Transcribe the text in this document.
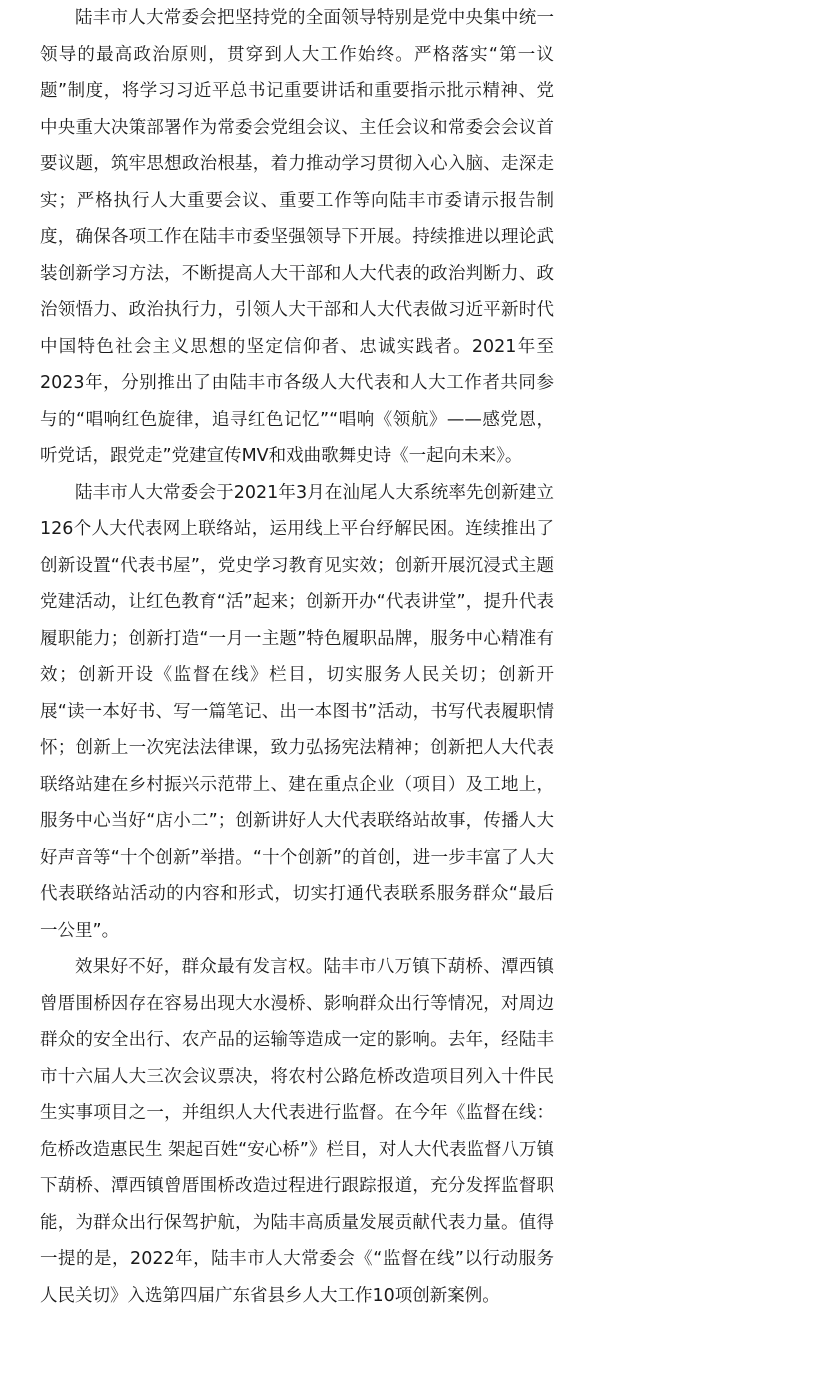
陆丰市人大常委会把坚持党的全面领导特别是党中央集中统一领导的最高政治原则，贯穿到人大工作始终。严格落实“第一议题”制度，将学习习近平总书记重要讲话和重要指示批示精神、党中央重大决策部署作为常委会党组会议、主任会议和常委会会议首要议题，筑牢思想政治根基，着力推动学习贯彻入心入脑、走深走实；严格执行人大重要会议、重要工作等向陆丰市委请示报告制度，确保各项工作在陆丰市委坚强领导下开展。持续推进以理论武装创新学习方法，不断提高人大干部和人大代表的政治判断力、政治领悟力、政治执行力，引领人大干部和人大代表做习近平新时代中国特色社会主义思想的坚定信仰者、忠诚实践者。2021年至2023年，分别推出了由陆丰市各级人大代表和人大工作者共同参与的“唱响红色旋律，追寻红色记忆”“唱响《领航》——感党恩，听党话，跟党走”党建宣传MV和戏曲歌舞史诗《一起向未来》。

陆丰市人大常委会于2021年3月在汕尾人大系统率先创新建立126个人大代表网上联络站，运用线上平台纾解民困。连续推出了创新设置“代表书屋”，党史学习教育见实效；创新开展沉浸式主题党建活动，让红色教育“活”起来；创新开办“代表讲堂”，提升代表履职能力；创新打造“一月一主题”特色履职品牌，服务中心精准有效；创新开设《监督在线》栏目，切实服务人民关切；创新开展“读一本好书、写一篇笔记、出一本图书”活动，书写代表履职情怀；创新上一次宪法法律课，致力弘扬宪法精神；创新把人大代表联络站建在乡村振兴示范带上、建在重点企业（项目）及工地上，服务中心当好“店小二”；创新讲好人大代表联络站故事，传播人大好声音等“十个创新”举措。“十个创新”的首创，进一步丰富了人大代表联络站活动的内容和形式，切实打通代表联系服务群众“最后一公里”。

效果好不好，群众最有发言权。陆丰市八万镇下葫桥、潭西镇曾厝围桥因存在容易出现大水漫桥、影响群众出行等情况，对周边群众的安全出行、农产品的运输等造成一定的影响。去年，经陆丰市十六届人大三次会议票决，将农村公路危桥改造项目列入十件民生实事项目之一，并组织人大代表进行监督。在今年《监督在线：危桥改造惠民生 架起百姓“安心桥”》栏目，对人大代表监督八万镇下葫桥、潭西镇曾厝围桥改造过程进行跟踪报道，充分发挥监督职能，为群众出行保驾护航，为陆丰高质量发展贡献代表力量。值得一提的是，2022年，陆丰市人大常委会《“监督在线”以行动服务人民关切》入选第四届广东省县乡人大工作10项创新案例。
